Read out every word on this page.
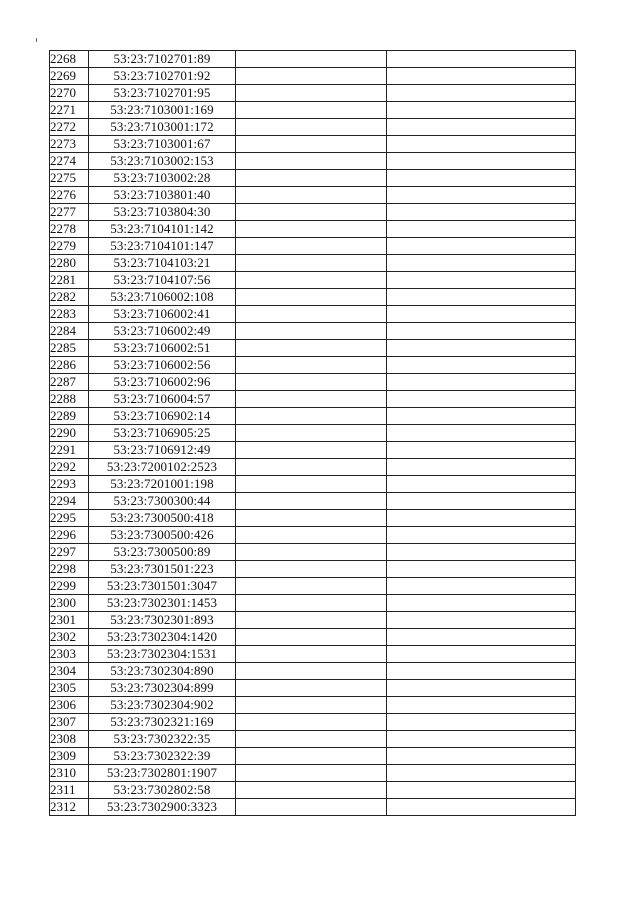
2268	53:23:7102701:89		
2269	53:23:7102701:92		
2270	53:23:7102701:95		
2271	53:23:7103001:169		
2272	53:23:7103001:172		
2273	53:23:7103001:67		
2274	53:23:7103002:153		
2275	53:23:7103002:28		
2276	53:23:7103801:40		
2277	53:23:7103804:30		
2278	53:23:7104101:142		
2279	53:23:7104101:147		
2280	53:23:7104103:21		
2281	53:23:7104107:56		
2282	53:23:7106002:108		
2283	53:23:7106002:41		
2284	53:23:7106002:49		
2285	53:23:7106002:51		
2286	53:23:7106002:56		
2287	53:23:7106002:96		
2288	53:23:7106004:57		
2289	53:23:7106902:14		
2290	53:23:7106905:25		
2291	53:23:7106912:49		
2292	53:23:7200102:2523		
2293	53:23:7201001:198		
2294	53:23:7300300:44		
2295	53:23:7300500:418		
2296	53:23:7300500:426		
2297	53:23:7300500:89		
2298	53:23:7301501:223		
2299	53:23:7301501:3047		
2300	53:23:7302301:1453		
2301	53:23:7302301:893		
2302	53:23:7302304:1420		
2303	53:23:7302304:1531		
2304	53:23:7302304:890		
2305	53:23:7302304:899		
2306	53:23:7302304:902		
2307	53:23:7302321:169		
2308	53:23:7302322:35		
2309	53:23:7302322:39		
2310	53:23:7302801:1907		
2311	53:23:7302802:58		
2312	53:23:7302900:3323		
